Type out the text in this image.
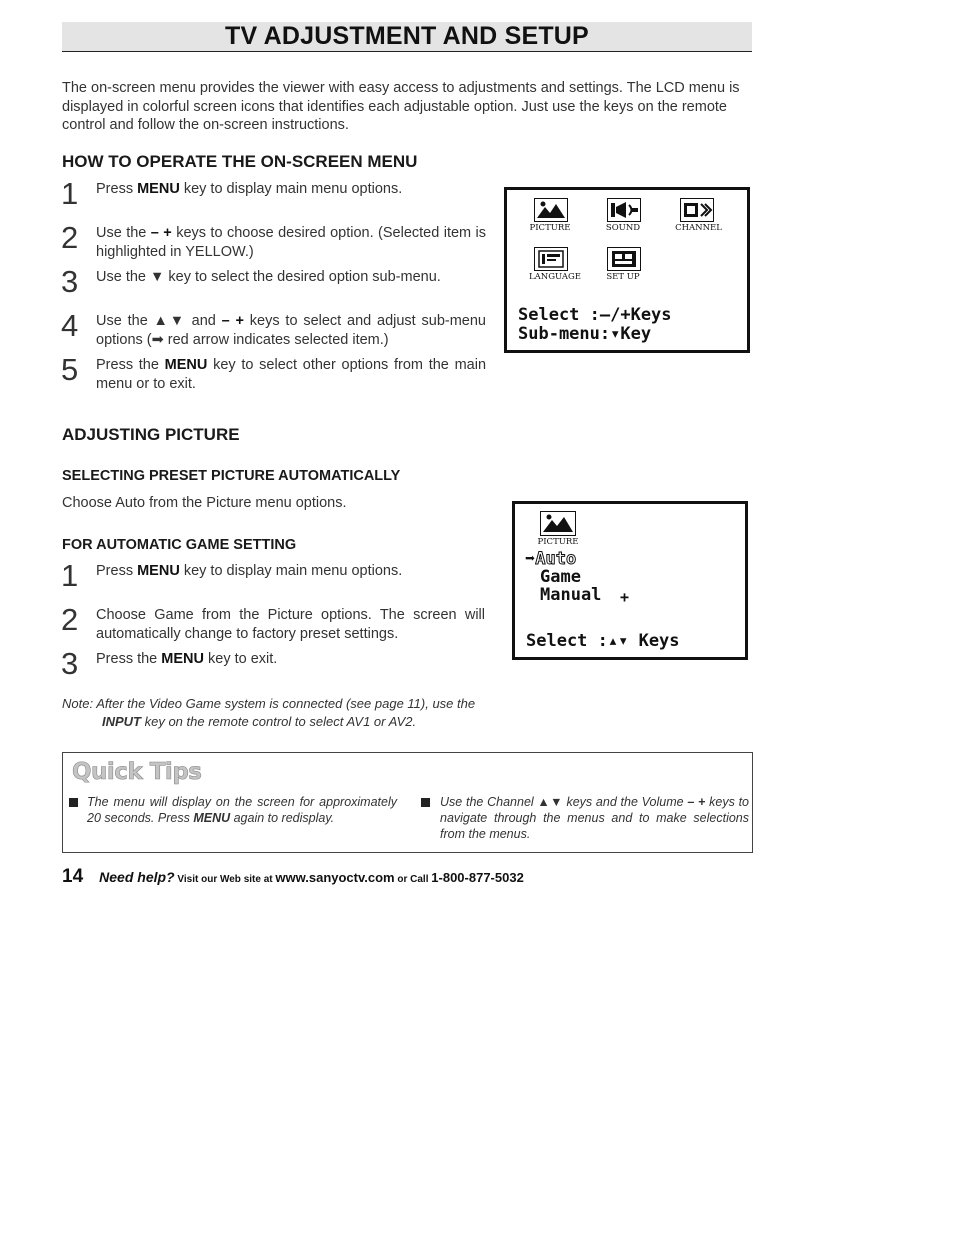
TV ADJUSTMENT AND SETUP
The on-screen menu provides the viewer with easy access to adjustments and settings. The LCD menu is displayed in colorful screen icons that identifies each adjustable option. Just use the keys on the remote control and follow the on-screen instructions.
HOW TO OPERATE THE ON-SCREEN MENU
1 Press MENU key to display main menu options.
2 Use the – + keys to choose desired option. (Selected item is highlighted in YELLOW.)
3 Use the ▼ key to select the desired option sub-menu.
4 Use the ▲▼ and – + keys to select and adjust sub-menu options (➡ red arrow indicates selected item.)
5 Press the MENU key to select other options from the main menu or to exit.
PICTURE	SOUND	CHANNEL
LANGUAGE	SET UP
Select :–/+Keys
Sub-menu:▾Key
ADJUSTING PICTURE
SELECTING PRESET PICTURE AUTOMATICALLY
Choose Auto from the Picture menu options.
FOR AUTOMATIC GAME SETTING
1 Press MENU key to display main menu options.
2 Choose Game from the Picture options. The screen will automatically change to factory preset settings.
3 Press the MENU key to exit.
PICTURE
➡Auto
Game
Manual +
Select :▴▾ Keys
Note: After the Video Game system is connected (see page 11), use the
INPUT key on the remote control to select AV1 or AV2.
Quick Tips
The menu will display on the screen for approximately 20 seconds. Press MENU again to redisplay.
Use the Channel ▲▼ keys and the Volume – + keys to navigate through the menus and to make selections from the menus.
14 Need help? Visit our Web site at www.sanyoctv.com or Call 1-800-877-5032
